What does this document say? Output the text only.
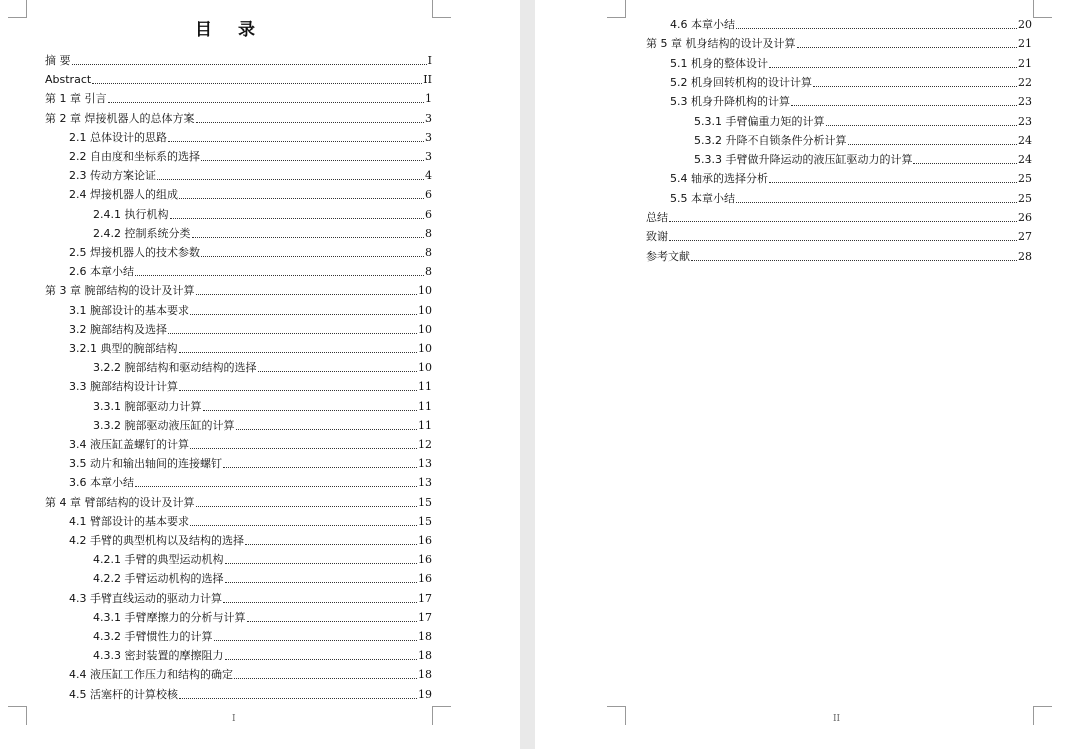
目 录
摘 要	I
Abstract	II
第 1 章 引言	1
第 2 章 焊接机器人的总体方案	3
2.1 总体设计的思路	3
2.2 自由度和坐标系的选择	3
2.3 传动方案论证	4
2.4 焊接机器人的组成	6
2.4.1 执行机构	6
2.4.2 控制系统分类	8
2.5 焊接机器人的技术参数	8
2.6 本章小结	8
第 3 章 腕部结构的设计及计算	10
3.1 腕部设计的基本要求	10
3.2 腕部结构及选择	10
3.2.1 典型的腕部结构	10
3.2.2 腕部结构和驱动结构的选择	10
3.3 腕部结构设计计算	11
3.3.1 腕部驱动力计算	11
3.3.2 腕部驱动液压缸的计算	11
3.4 液压缸盖螺钉的计算	12
3.5 动片和输出轴间的连接螺钉	13
3.6 本章小结	13
第 4 章 臂部结构的设计及计算	15
4.1 臂部设计的基本要求	15
4.2 手臂的典型机构以及结构的选择	16
4.2.1 手臂的典型运动机构	16
4.2.2 手臂运动机构的选择	16
4.3 手臂直线运动的驱动力计算	17
4.3.1 手臂摩擦力的分析与计算	17
4.3.2 手臂惯性力的计算	18
4.3.3 密封装置的摩擦阻力	18
4.4 液压缸工作压力和结构的确定	18
4.5 活塞杆的计算校核	19
I
4.6 本章小结	20
第 5 章 机身结构的设计及计算	21
5.1 机身的整体设计	21
5.2 机身回转机构的设计计算	22
5.3 机身升降机构的计算	23
5.3.1 手臂偏重力矩的计算	23
5.3.2 升降不自锁条件分析计算	24
5.3.3 手臂做升降运动的液压缸驱动力的计算	24
5.4 轴承的选择分析	25
5.5 本章小结	25
总结	26
致谢	27
参考文献	28
II
